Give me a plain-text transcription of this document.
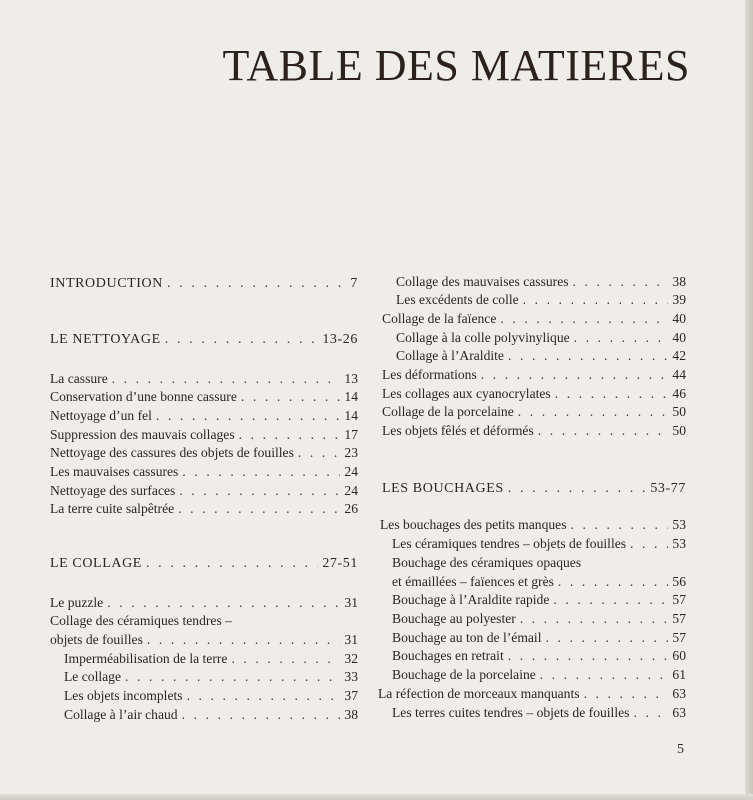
TABLE DES MATIERES
INTRODUCTION . . .	7
LE NETTOYAGE . . .	13-26
La cassure . . .	13
Conservation d’une bonne cassure . . .	14
Nettoyage d’un fel . . .	14
Suppression des mauvais collages . . .	17
Nettoyage des cassures des objets de fouilles . . .	23
Les mauvaises cassures . . .	24
Nettoyage des surfaces . . .	24
La terre cuite salpêtrée . . .	26
LE COLLAGE . . .	27-51
Le puzzle . . .	31
Collage des céramiques tendres –
objets de fouilles . . .	31
Imperméabilisation de la terre . . .	32
Le collage . . .	33
Les objets incomplets . . .	37
Collage à l’air chaud . . .	38
Collage des mauvaises cassures . . .	38
Les excédents de colle . . .	39
Collage de la faïence . . .	40
Collage à la colle polyvinylique . . .	40
Collage à l’Araldite . . .	42
Les déformations . . .	44
Les collages aux cyanocrylates . . .	46
Collage de la porcelaine . . .	50
Les objets fêlés et déformés . . .	50
LES BOUCHAGES . . .	53-77
Les bouchages des petits manques . . .	53
Les céramiques tendres – objets de fouilles . . .	53
Bouchage des céramiques opaques
et émaillées – faïences et grès . . .	56
Bouchage à l’Araldite rapide . . .	57
Bouchage au polyester . . .	57
Bouchage au ton de l’émail . . .	57
Bouchages en retrait . . .	60
Bouchage de la porcelaine . . .	61
La réfection de morceaux manquants . . .	63
Les terres cuites tendres – objets de fouilles . . .	63
5
